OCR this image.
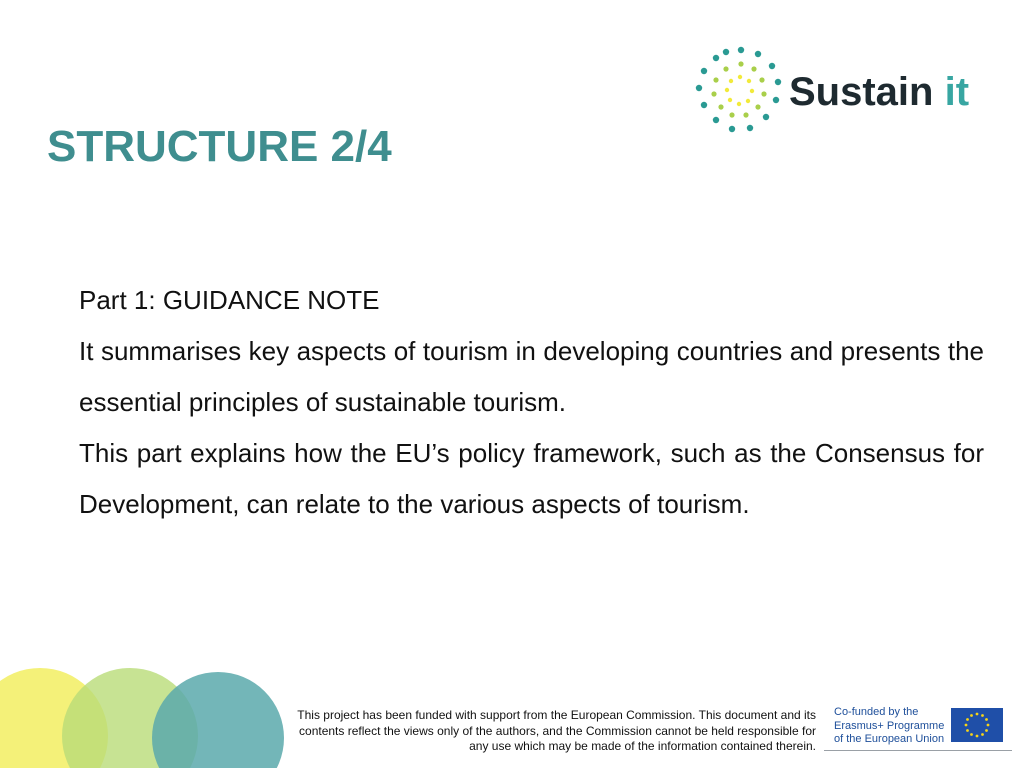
Sustain it
STRUCTURE 2/4

Part 1: GUIDANCE NOTE

It summarises key aspects of tourism in developing countries and presents the essential principles of sustainable tourism.

This part explains how the EU’s policy framework, such as the Consensus for Development, can relate to the various aspects of tourism.

This project has been funded with support from the European Commission. This document and its contents reflect the views only of the authors, and the Commission cannot be held responsible for any use which may be made of the information contained therein.
Co-funded by the Erasmus+ Programme of the European Union
